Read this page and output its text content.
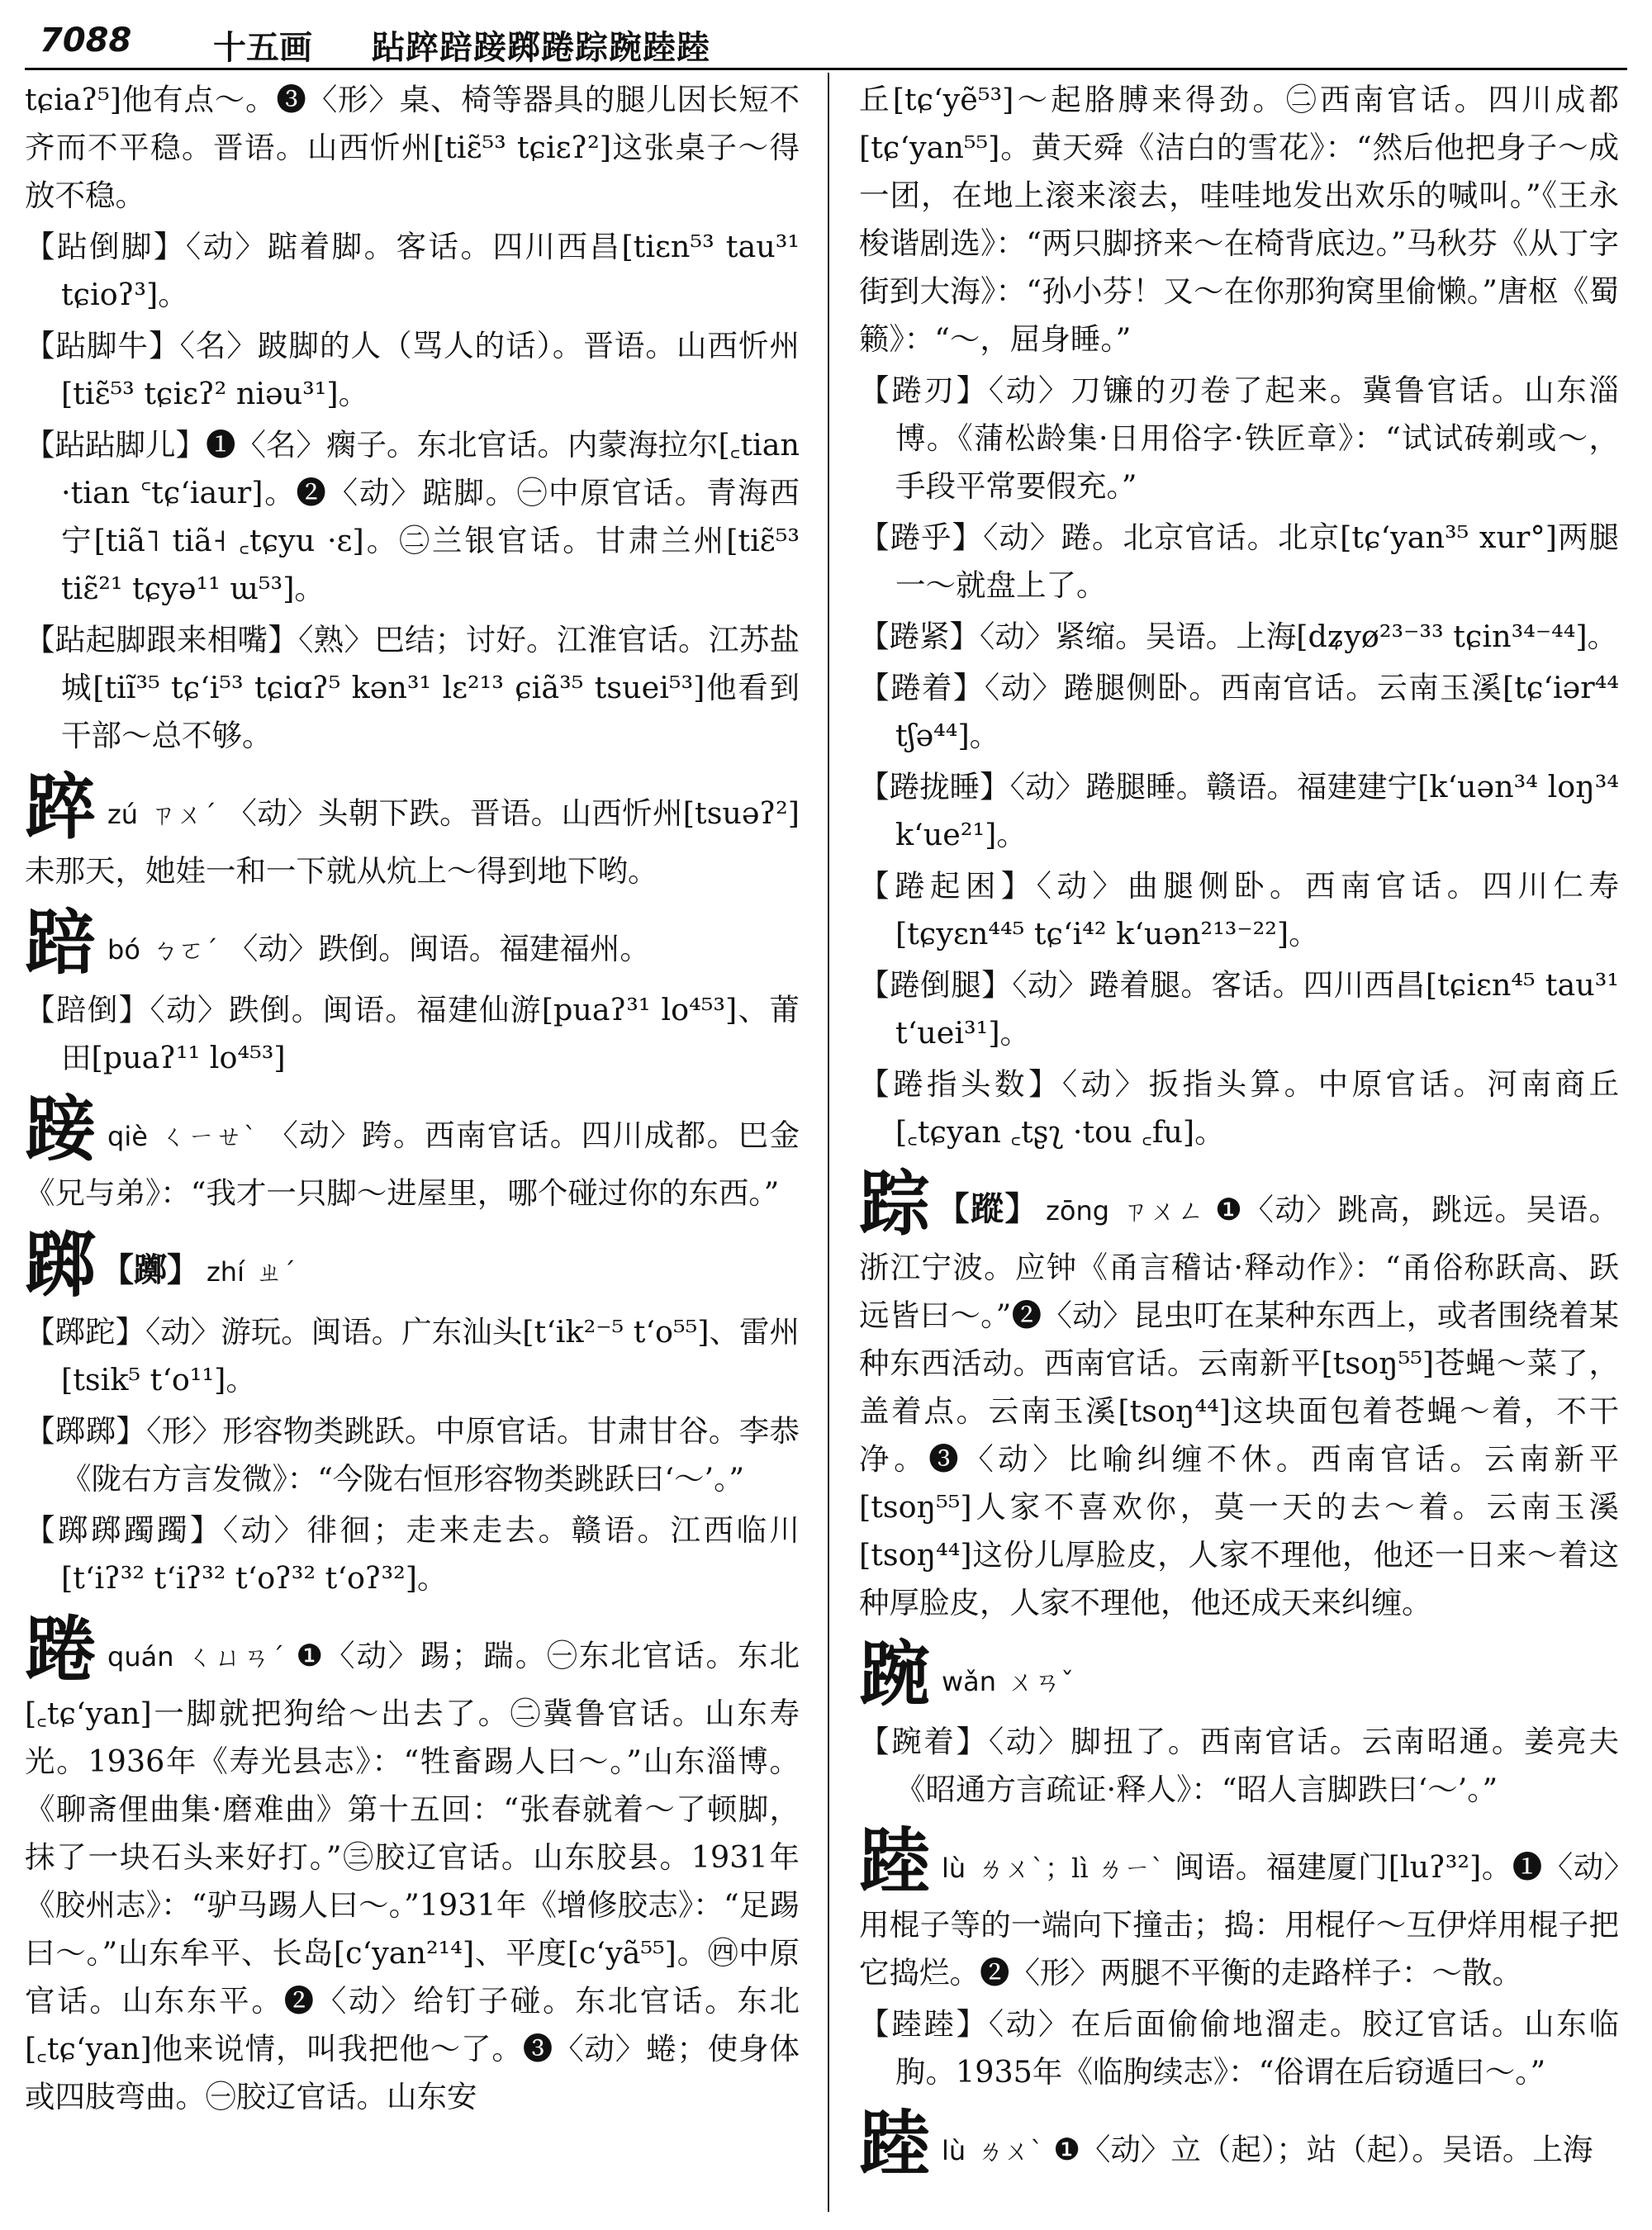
7088 十五画 跕踤踣踥踯踡踪踠踛踛
tɕiaʔ⁵]他有点～。❸〈形〉桌、椅等器具的腿儿因长短不齐而不平稳。晋语。山西忻州[tiɛ̃⁵³ tɕiɛʔ²]这张桌子～得放不稳。
【跕倒脚】〈动〉踮着脚。客话。四川西昌[tiɛn⁵³ tau³¹ tɕioʔ³]。
【跕脚牛】〈名〉跛脚的人（骂人的话）。晋语。山西忻州[tiɛ̃⁵³ tɕiɛʔ² niəu³¹]。
【跕跕脚儿】❶〈名〉瘸子。东北官话。内蒙海拉尔[꜀tian ·tian ꜂tɕʻiaur]。❷〈动〉踮脚。㊀中原官话。青海西宁[tiã˥ tiã˧ ꜀tɕyu ·ɛ]。㊁兰银官话。甘肃兰州[tiɛ̃⁵³ tiɛ̃²¹ tɕyə¹¹ ɯ⁵³]。
【跕起脚跟来相嘴】〈熟〉巴结；讨好。江淮官话。江苏盐城[tiĩ³⁵ tɕʻi⁵³ tɕiɑʔ⁵ kən³¹ lɛ²¹³ ɕiã³⁵ tsuei⁵³]他看到干部～总不够。
踤zú ㄗㄨˊ 〈动〉头朝下跌。晋语。山西忻州[tsuəʔ²]未那天，她娃一和一下就从炕上～得到地下哟。
踣bó ㄅㄛˊ 〈动〉跌倒。闽语。福建福州。
【踣倒】〈动〉跌倒。闽语。福建仙游[puaʔ³¹ lo⁴⁵³]、莆田[puaʔ¹¹ lo⁴⁵³]
踥qiè ㄑㄧㄝˋ 〈动〉跨。西南官话。四川成都。巴金《兄与弟》：“我才一只脚～进屋里，哪个碰过你的东西。”
踯 【躑】 zhí ㄓˊ
【踯跎】〈动〉游玩。闽语。广东汕头[tʻik²⁻⁵ tʻo⁵⁵]、雷州[tsik⁵ tʻo¹¹]。
【踯踯】〈形〉形容物类跳跃。中原官话。甘肃甘谷。李恭《陇右方言发微》：“今陇右恒形容物类跳跃曰‘～’。”
【踯踯躅躅】〈动〉徘徊；走来走去。赣语。江西临川[tʻiʔ³² tʻiʔ³² tʻoʔ³² tʻoʔ³²]。
踡quán ㄑㄩㄢˊ ❶〈动〉踢；踹。㊀东北官话。东北[꜀tɕʻyan]一脚就把狗给～出去了。㊁冀鲁官话。山东寿光。1936年《寿光县志》：“牲畜踢人曰～。”山东淄博。《聊斋俚曲集·磨难曲》第十五回：“张春就着～了顿脚，抹了一块石头来好打。”㊂胶辽官话。山东胶县。1931年《胶州志》：“驴马踢人曰～。”1931年《增修胶志》：“足踢曰～。”山东牟平、长岛[cʻyan²¹⁴]、平度[cʻyã⁵⁵]。㊃中原官话。山东东平。❷〈动〉给钉子碰。东北官话。东北[꜀tɕʻyan]他来说情，叫我把他～了。❸〈动〉蜷；使身体或四肢弯曲。㊀胶辽官话。山东安
丘[tɕʻyẽ⁵³]～起胳膊来得劲。㊁西南官话。四川成都[tɕʻyan⁵⁵]。黄天舜《洁白的雪花》：“然后他把身子～成一团，在地上滚来滚去，哇哇地发出欢乐的喊叫。”《王永梭谐剧选》：“两只脚挤来～在椅背底边。”马秋芬《从丁字街到大海》：“孙小芬！又～在你那狗窝里偷懒。”唐枢《蜀籁》：“～，屈身睡。”
【踡刃】〈动〉刀镰的刃卷了起来。冀鲁官话。山东淄博。《蒲松龄集·日用俗字·铁匠章》：“试试砖剃或～，手段平常要假充。”
【踡乎】〈动〉踡。北京官话。北京[tɕʻyan³⁵ xur°]两腿一～就盘上了。
【踡紧】〈动〉紧缩。吴语。上海[dʑyø²³⁻³³ tɕin³⁴⁻⁴⁴]。
【踡着】〈动〉踡腿侧卧。西南官话。云南玉溪[tɕʻiər⁴⁴ tʃə⁴⁴]。
【踡拢睡】〈动〉踡腿睡。赣语。福建建宁[kʻuən³⁴ loŋ³⁴ kʻue²¹]。
【踡起困】〈动〉曲腿侧卧。西南官话。四川仁寿[tɕyɛn⁴⁴⁵ tɕʻi⁴² kʻuən²¹³⁻²²]。
【踡倒腿】〈动〉踡着腿。客话。四川西昌[tɕiɛn⁴⁵ tau³¹ tʻuei³¹]。
【踡指头数】〈动〉扳指头算。中原官话。河南商丘[꜀tɕyan ꜀tʂʅ ·tou ꜀fu]。
踪 【蹤】 zōng ㄗㄨㄥ ❶〈动〉跳高，跳远。吴语。浙江宁波。应钟《甬言稽诂·释动作》：“甬俗称跃高、跃远皆曰～。”❷〈动〉昆虫叮在某种东西上，或者围绕着某种东西活动。西南官话。云南新平[tsoŋ⁵⁵]苍蝇～菜了，盖着点。云南玉溪[tsoŋ⁴⁴]这块面包着苍蝇～着，不干净。❸〈动〉比喻纠缠不休。西南官话。云南新平[tsoŋ⁵⁵]人家不喜欢你，莫一天的去～着。云南玉溪[tsoŋ⁴⁴]这份儿厚脸皮，人家不理他，他还一日来～着这种厚脸皮，人家不理他，他还成天来纠缠。
踠wǎn ㄨㄢˇ
【踠着】〈动〉脚扭了。西南官话。云南昭通。姜亮夫《昭通方言疏证·释人》：“昭人言脚跌曰‘～’。”
踛lù ㄌㄨˋ；lì ㄌㄧˋ 闽语。福建厦门[luʔ³²]。❶〈动〉用棍子等的一端向下撞击；捣：用棍仔～互伊烊用棍子把它捣烂。❷〈形〉两腿不平衡的走路样子：～散。
【踛踛】〈动〉在后面偷偷地溜走。胶辽官话。山东临朐。1935年《临朐续志》：“俗谓在后窃遁曰～。”
踛lù ㄌㄨˋ ❶〈动〉立（起）；站（起）。吴语。上海
